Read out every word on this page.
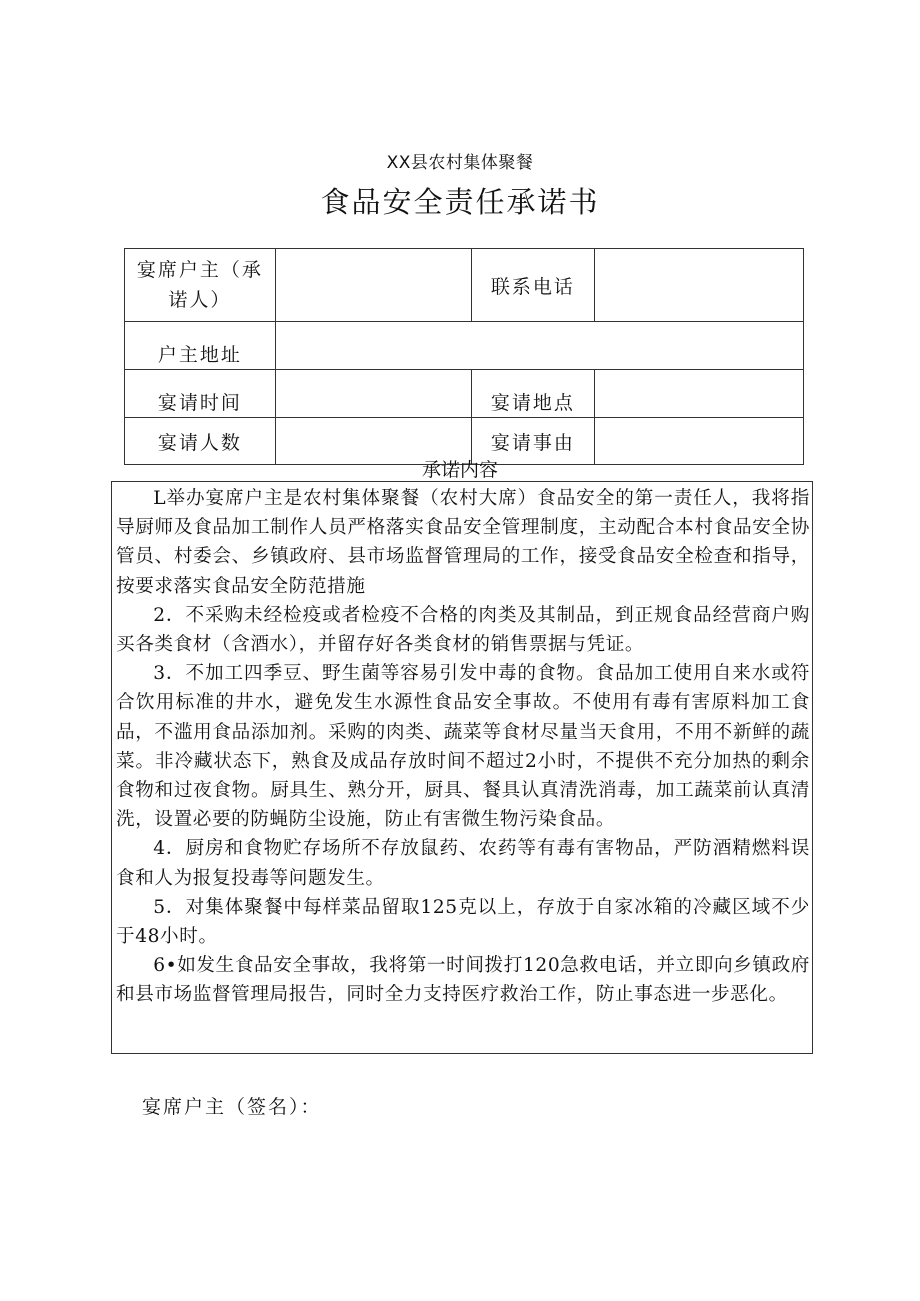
XX县农村集体聚餐
食品安全责任承诺书
宴席户主（承诺人）		联系电话	
户主地址			
宴请时间		宴请地点	
宴请人数		宴请事由	
承诺内容

L举办宴席户主是农村集体聚餐（农村大席）食品安全的第一责任人，我将指导厨师及食品加工制作人员严格落实食品安全管理制度，主动配合本村食品安全协管员、村委会、乡镇政府、县市场监督管理局的工作，接受食品安全检查和指导，按要求落实食品安全防范措施

2．不采购未经检疫或者检疫不合格的肉类及其制品，到正规食品经营商户购买各类食材（含酒水），并留存好各类食材的销售票据与凭证。

3．不加工四季豆、野生菌等容易引发中毒的食物。食品加工使用自来水或符合饮用标准的井水，避免发生水源性食品安全事故。不使用有毒有害原料加工食品，不滥用食品添加剂。采购的肉类、蔬菜等食材尽量当天食用，不用不新鲜的蔬菜。非冷藏状态下，熟食及成品存放时间不超过2小时，不提供不充分加热的剩余食物和过夜食物。厨具生、熟分开，厨具、餐具认真清洗消毒，加工蔬菜前认真清洗，设置必要的防蝇防尘设施，防止有害微生物污染食品。

4．厨房和食物贮存场所不存放鼠药、农药等有毒有害物品，严防酒精燃料误食和人为报复投毒等问题发生。

5．对集体聚餐中每样菜品留取125克以上，存放于自家冰箱的冷藏区域不少于48小时。

6•如发生食品安全事故，我将第一时间拨打120急救电话，并立即向乡镇政府和县市场监督管理局报告，同时全力支持医疗救治工作，防止事态进一步恶化。

宴席户主（签名）：
